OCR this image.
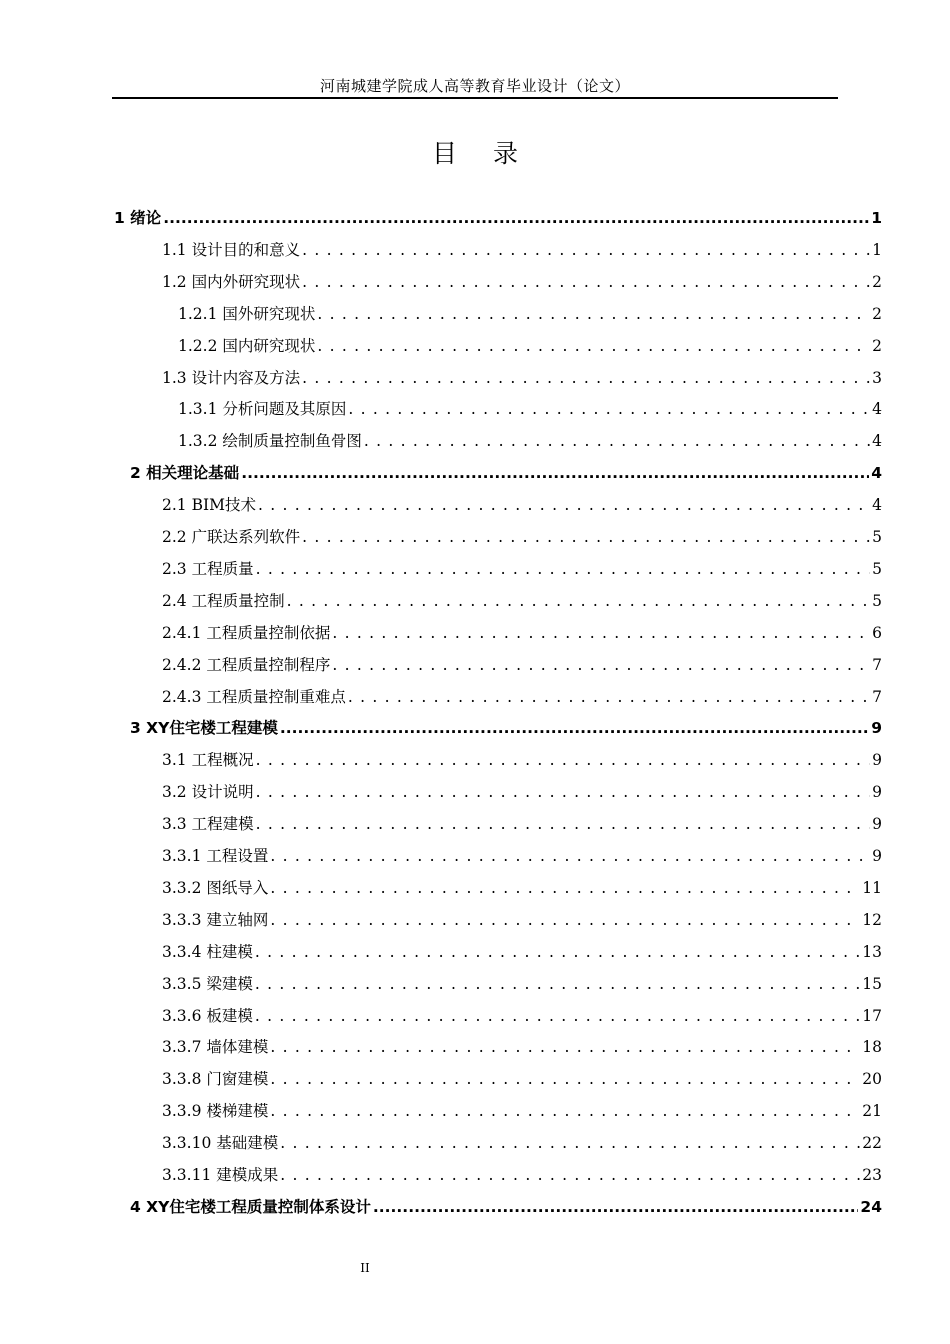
河南城建学院成人高等教育毕业设计（论文）
目 录
1 绪论 .....	1
1.1 设计目的和意义 . . .	1
1.2 国内外研究现状 . . .	2
1.2.1 国外研究现状 . . .	2
1.2.2 国内研究现状 . . .	2
1.3 设计内容及方法 . . .	3
1.3.1 分析问题及其原因 . . .	4
1.3.2 绘制质量控制鱼骨图 . . .	4
2 相关理论基础 .....	4
2.1 BIM技术 . . .	4
2.2 广联达系列软件 . . .	5
2.3 工程质量 . . .	5
2.4 工程质量控制 . . .	5
2.4.1 工程质量控制依据 . . .	6
2.4.2 工程质量控制程序 . . .	7
2.4.3 工程质量控制重难点 . . .	7
3 XY住宅楼工程建模 .....	9
3.1 工程概况 . . .	9
3.2 设计说明 . . .	9
3.3 工程建模 . . .	9
3.3.1 工程设置 . . .	9
3.3.2 图纸导入 . . .	11
3.3.3 建立轴网 . . .	12
3.3.4 柱建模 . . .	13
3.3.5 梁建模 . . .	15
3.3.6 板建模 . . .	17
3.3.7 墙体建模 . . .	18
3.3.8 门窗建模 . . .	20
3.3.9 楼梯建模 . . .	21
3.3.10 基础建模 . . .	22
3.3.11 建模成果 . . .	23
4 XY住宅楼工程质量控制体系设计 .....	24
II
